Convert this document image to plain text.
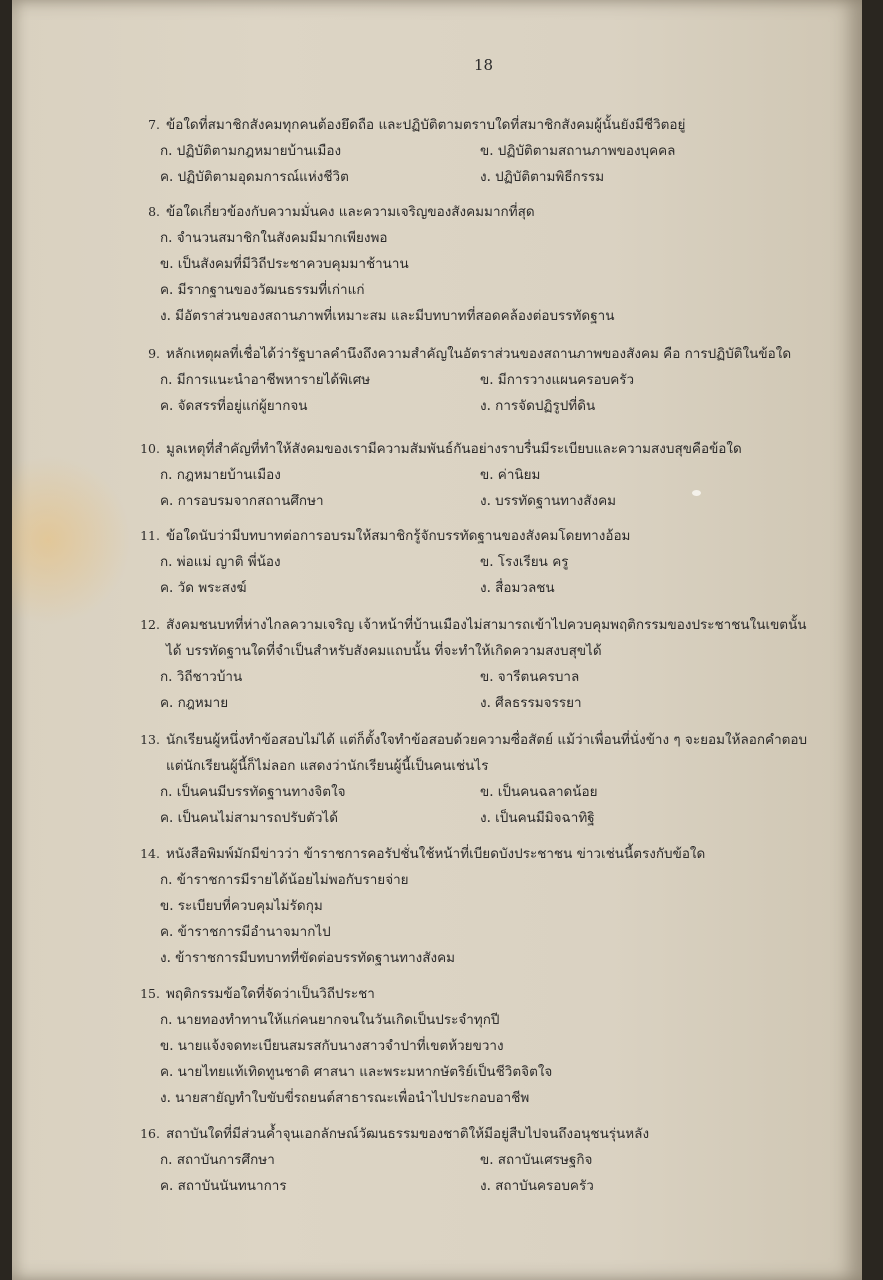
18
7. ข้อใดที่สมาชิกสังคมทุกคนต้องยึดถือ และปฏิบัติตามตราบใดที่สมาชิกสังคมผู้นั้นยังมีชีวิตอยู่
ก. ปฏิบัติตามกฎหมายบ้านเมือง	ข. ปฏิบัติตามสถานภาพของบุคคล
ค. ปฏิบัติตามอุดมการณ์แห่งชีวิต	ง. ปฏิบัติตามพิธีกรรม
8. ข้อใดเกี่ยวข้องกับความมั่นคง และความเจริญของสังคมมากที่สุด
ก. จำนวนสมาชิกในสังคมมีมากเพียงพอ
ข. เป็นสังคมที่มีวิถีประชาควบคุมมาช้านาน
ค. มีรากฐานของวัฒนธรรมที่เก่าแก่
ง. มีอัตราส่วนของสถานภาพที่เหมาะสม และมีบทบาทที่สอดคล้องต่อบรรทัดฐาน
9. หลักเหตุผลที่เชื่อได้ว่ารัฐบาลคำนึงถึงความสำคัญในอัตราส่วนของสถานภาพของสังคม คือ การปฏิบัติในข้อใด
ก. มีการแนะนำอาชีพหารายได้พิเศษ	ข. มีการวางแผนครอบครัว
ค. จัดสรรที่อยู่แก่ผู้ยากจน	ง. การจัดปฏิรูปที่ดิน
10. มูลเหตุที่สำคัญที่ทำให้สังคมของเรามีความสัมพันธ์กันอย่างราบรื่นมีระเบียบและความสงบสุขคือข้อใด
ก. กฎหมายบ้านเมือง	ข. ค่านิยม
ค. การอบรมจากสถานศึกษา	ง. บรรทัดฐานทางสังคม
11. ข้อใดนับว่ามีบทบาทต่อการอบรมให้สมาชิกรู้จักบรรทัดฐานของสังคมโดยทางอ้อม
ก. พ่อแม่ ญาติ พี่น้อง	ข. โรงเรียน ครู
ค. วัด พระสงฆ์	ง. สื่อมวลชน
12. สังคมชนบทที่ห่างไกลความเจริญ เจ้าหน้าที่บ้านเมืองไม่สามารถเข้าไปควบคุมพฤติกรรมของประชาชนในเขตนั้นได้ บรรทัดฐานใดที่จำเป็นสำหรับสังคมแถบนั้น ที่จะทำให้เกิดความสงบสุขได้
ก. วิถีชาวบ้าน	ข. จารีตนครบาล
ค. กฎหมาย	ง. ศีลธรรมจรรยา
13. นักเรียนผู้หนึ่งทำข้อสอบไม่ได้ แต่ก็ตั้งใจทำข้อสอบด้วยความซื่อสัตย์ แม้ว่าเพื่อนที่นั่งข้าง ๆ จะยอมให้ลอกคำตอบ แต่นักเรียนผู้นี้ก็ไม่ลอก แสดงว่านักเรียนผู้นี้เป็นคนเช่นไร
ก. เป็นคนมีบรรทัดฐานทางจิตใจ	ข. เป็นคนฉลาดน้อย
ค. เป็นคนไม่สามารถปรับตัวได้	ง. เป็นคนมีมิจฉาทิฐิ
14. หนังสือพิมพ์มักมีข่าวว่า ข้าราชการคอรัปชั่นใช้หน้าที่เบียดบังประชาชน ข่าวเช่นนี้ตรงกับข้อใด
ก. ข้าราชการมีรายได้น้อยไม่พอกับรายจ่าย
ข. ระเบียบที่ควบคุมไม่รัดกุม
ค. ข้าราชการมีอำนาจมากไป
ง. ข้าราชการมีบทบาทที่ขัดต่อบรรทัดฐานทางสังคม
15. พฤติกรรมข้อใดที่จัดว่าเป็นวิถีประชา
ก. นายทองทำทานให้แก่คนยากจนในวันเกิดเป็นประจำทุกปี
ข. นายแจ้งจดทะเบียนสมรสกับนางสาวจำปาที่เขตห้วยขวาง
ค. นายไทยแท้เทิดทูนชาติ ศาสนา และพระมหากษัตริย์เป็นชีวิตจิตใจ
ง. นายสายัญทำใบขับขี่รถยนต์สาธารณะเพื่อนำไปประกอบอาชีพ
16. สถาบันใดที่มีส่วนค้ำจุนเอกลักษณ์วัฒนธรรมของชาติให้มีอยู่สืบไปจนถึงอนุชนรุ่นหลัง
ก. สถาบันการศึกษา	ข. สถาบันเศรษฐกิจ
ค. สถาบันนันทนาการ	ง. สถาบันครอบครัว
